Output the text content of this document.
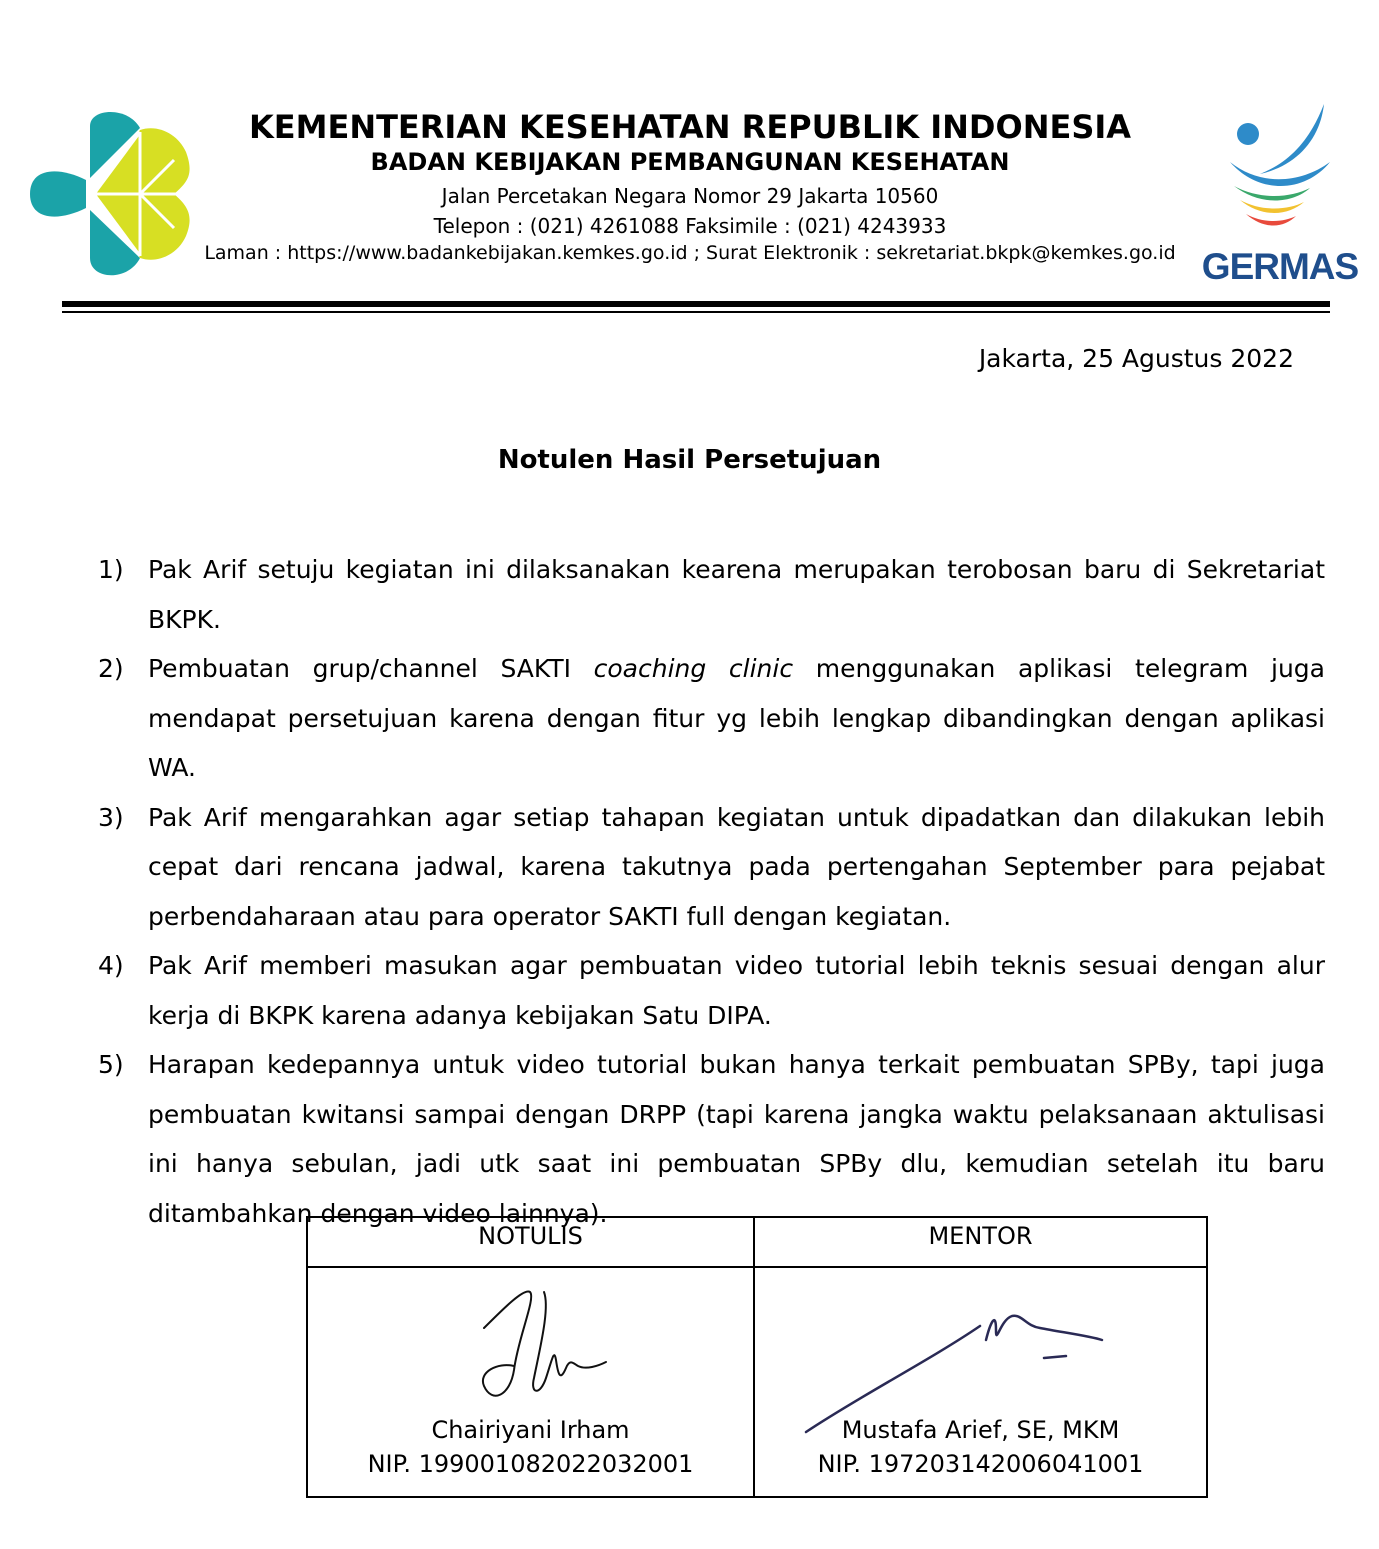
GERMAS
KEMENTERIAN KESEHATAN REPUBLIK INDONESIA
BADAN KEBIJAKAN PEMBANGUNAN KESEHATAN
Jalan Percetakan Negara Nomor 29 Jakarta 10560
Telepon : (021) 4261088 Faksimile : (021) 4243933
Laman : https://www.badankebijakan.kemkes.go.id ; Surat Elektronik : sekretariat.bkpk@kemkes.go.id
Jakarta, 25 Agustus 2022
Notulen Hasil Persetujuan
1) Pak Arif setuju kegiatan ini dilaksanakan kearena merupakan terobosan baru di Sekretariat BKPK.
2) Pembuatan grup/channel SAKTI coaching clinic menggunakan aplikasi telegram juga mendapat persetujuan karena dengan fitur yg lebih lengkap dibandingkan dengan aplikasi WA.
3) Pak Arif mengarahkan agar setiap tahapan kegiatan untuk dipadatkan dan dilakukan lebih cepat dari rencana jadwal, karena takutnya pada pertengahan September para pejabat perbendaharaan atau para operator SAKTI full dengan kegiatan.
4) Pak Arif memberi masukan agar pembuatan video tutorial lebih teknis sesuai dengan alur kerja di BKPK karena adanya kebijakan Satu DIPA.
5) Harapan kedepannya untuk video tutorial bukan hanya terkait pembuatan SPBy, tapi juga pembuatan kwitansi sampai dengan DRPP (tapi karena jangka waktu pelaksanaan aktulisasi ini hanya sebulan, jadi utk saat ini pembuatan SPBy dlu, kemudian setelah itu baru ditambahkan dengan video lainnya).
NOTULIS
Chairiyani Irham
NIP. 199001082022032001
MENTOR
Mustafa Arief, SE, MKM
NIP. 197203142006041001
